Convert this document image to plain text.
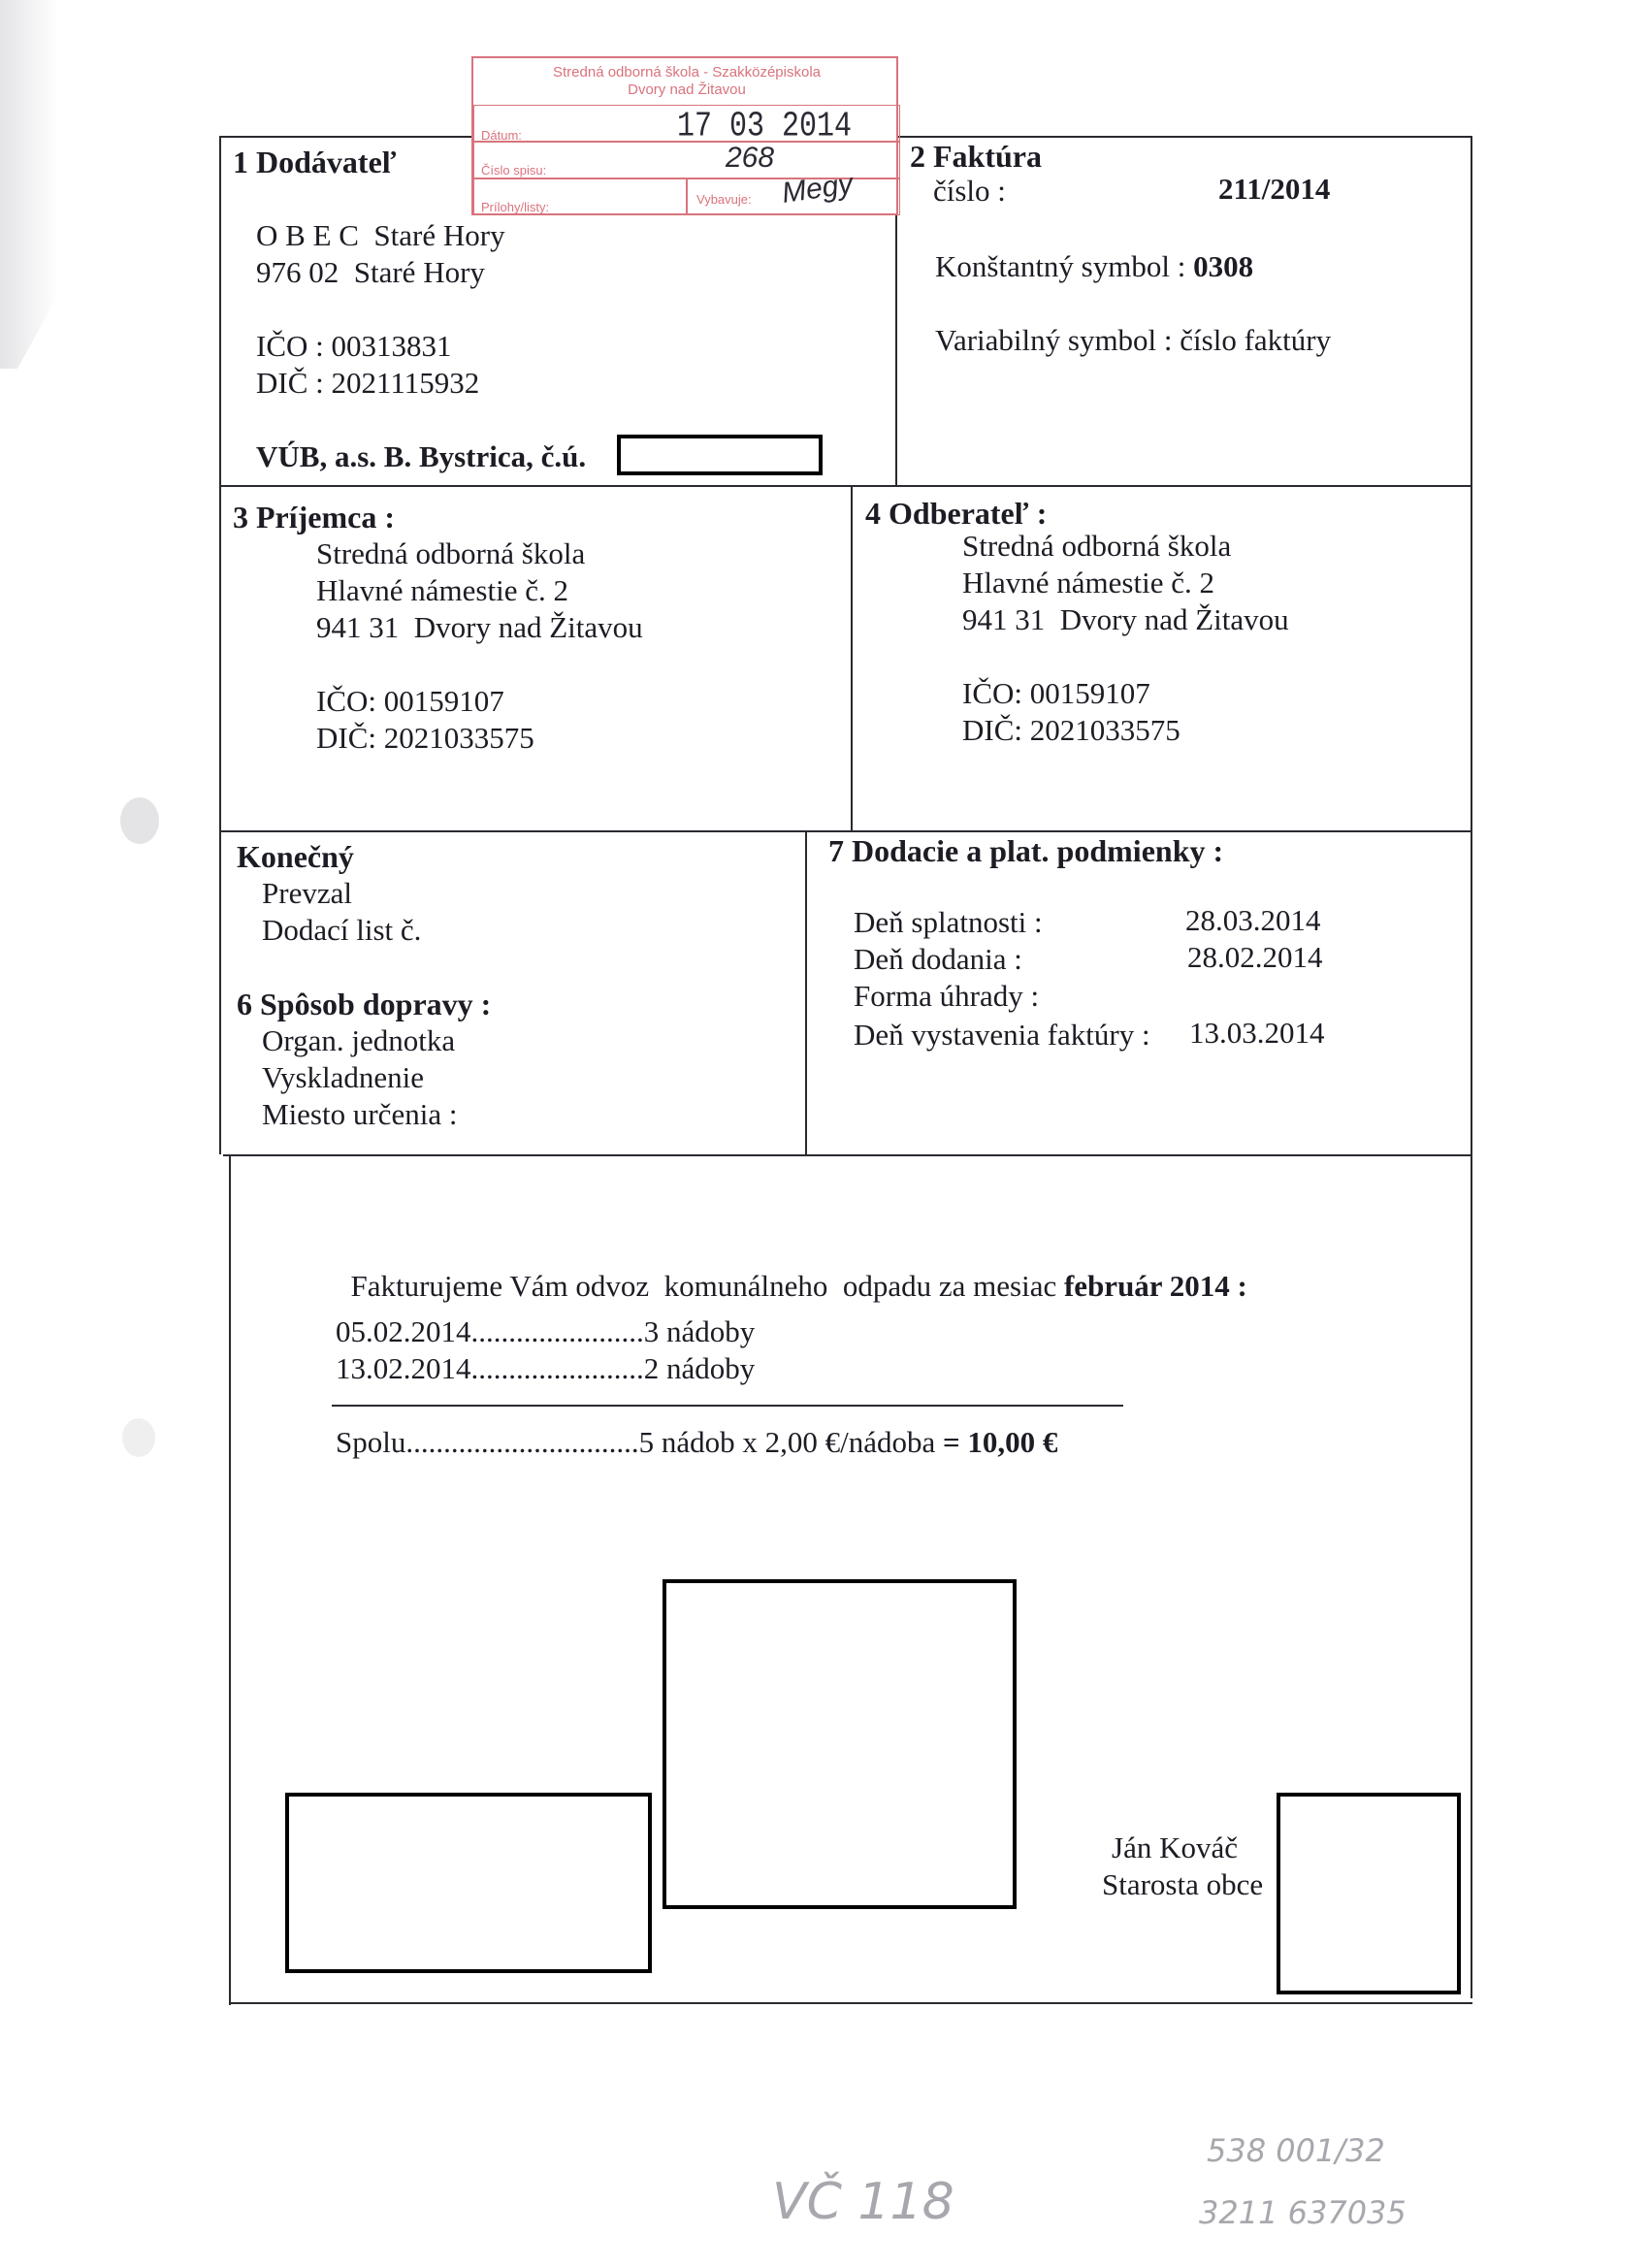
Stredná odborná škola - Szakközépiskola
Dvory nad Žitavou
Dátum:	17 03 2014
Číslo spisu:	268
Prílohy/listy:
Vybavuje: Megy
1 Dodávateľ
O B E C  Staré Hory
976 02  Staré Hory
IČO : 00313831
DIČ : 2021115932
VÚB, a.s. B. Bystrica, č.ú.
2 Faktúra
číslo :	211/2014
Konštantný symbol : 0308
Variabilný symbol : číslo faktúry
3 Príjemca :
Stredná odborná škola
Hlavné námestie č. 2
941 31  Dvory nad Žitavou
IČO: 00159107
DIČ: 2021033575
4 Odberateľ :
Stredná odborná škola
Hlavné námestie č. 2
941 31  Dvory nad Žitavou
IČO: 00159107
DIČ: 2021033575
Konečný
Prevzal
Dodací list č.
6 Spôsob dopravy :
Organ. jednotka
Vyskladnenie
Miesto určenia :
7 Dodacie a plat. podmienky :
Deň splatnosti :	28.03.2014
Deň dodania :	28.02.2014
Forma úhrady :
Deň vystavenia faktúry : 13.03.2014

Fakturujeme Vám odvoz  komunálneho  odpadu za mesiac február 2014 :

05.02.2014.......................3 nádoby
13.02.2014.......................2 nádoby
Spolu...............................5 nádob x 2,00 €/nádoba = 10,00 €
Ján Kováč
Starosta obce
VČ 118
538 001/32
3211 637035
